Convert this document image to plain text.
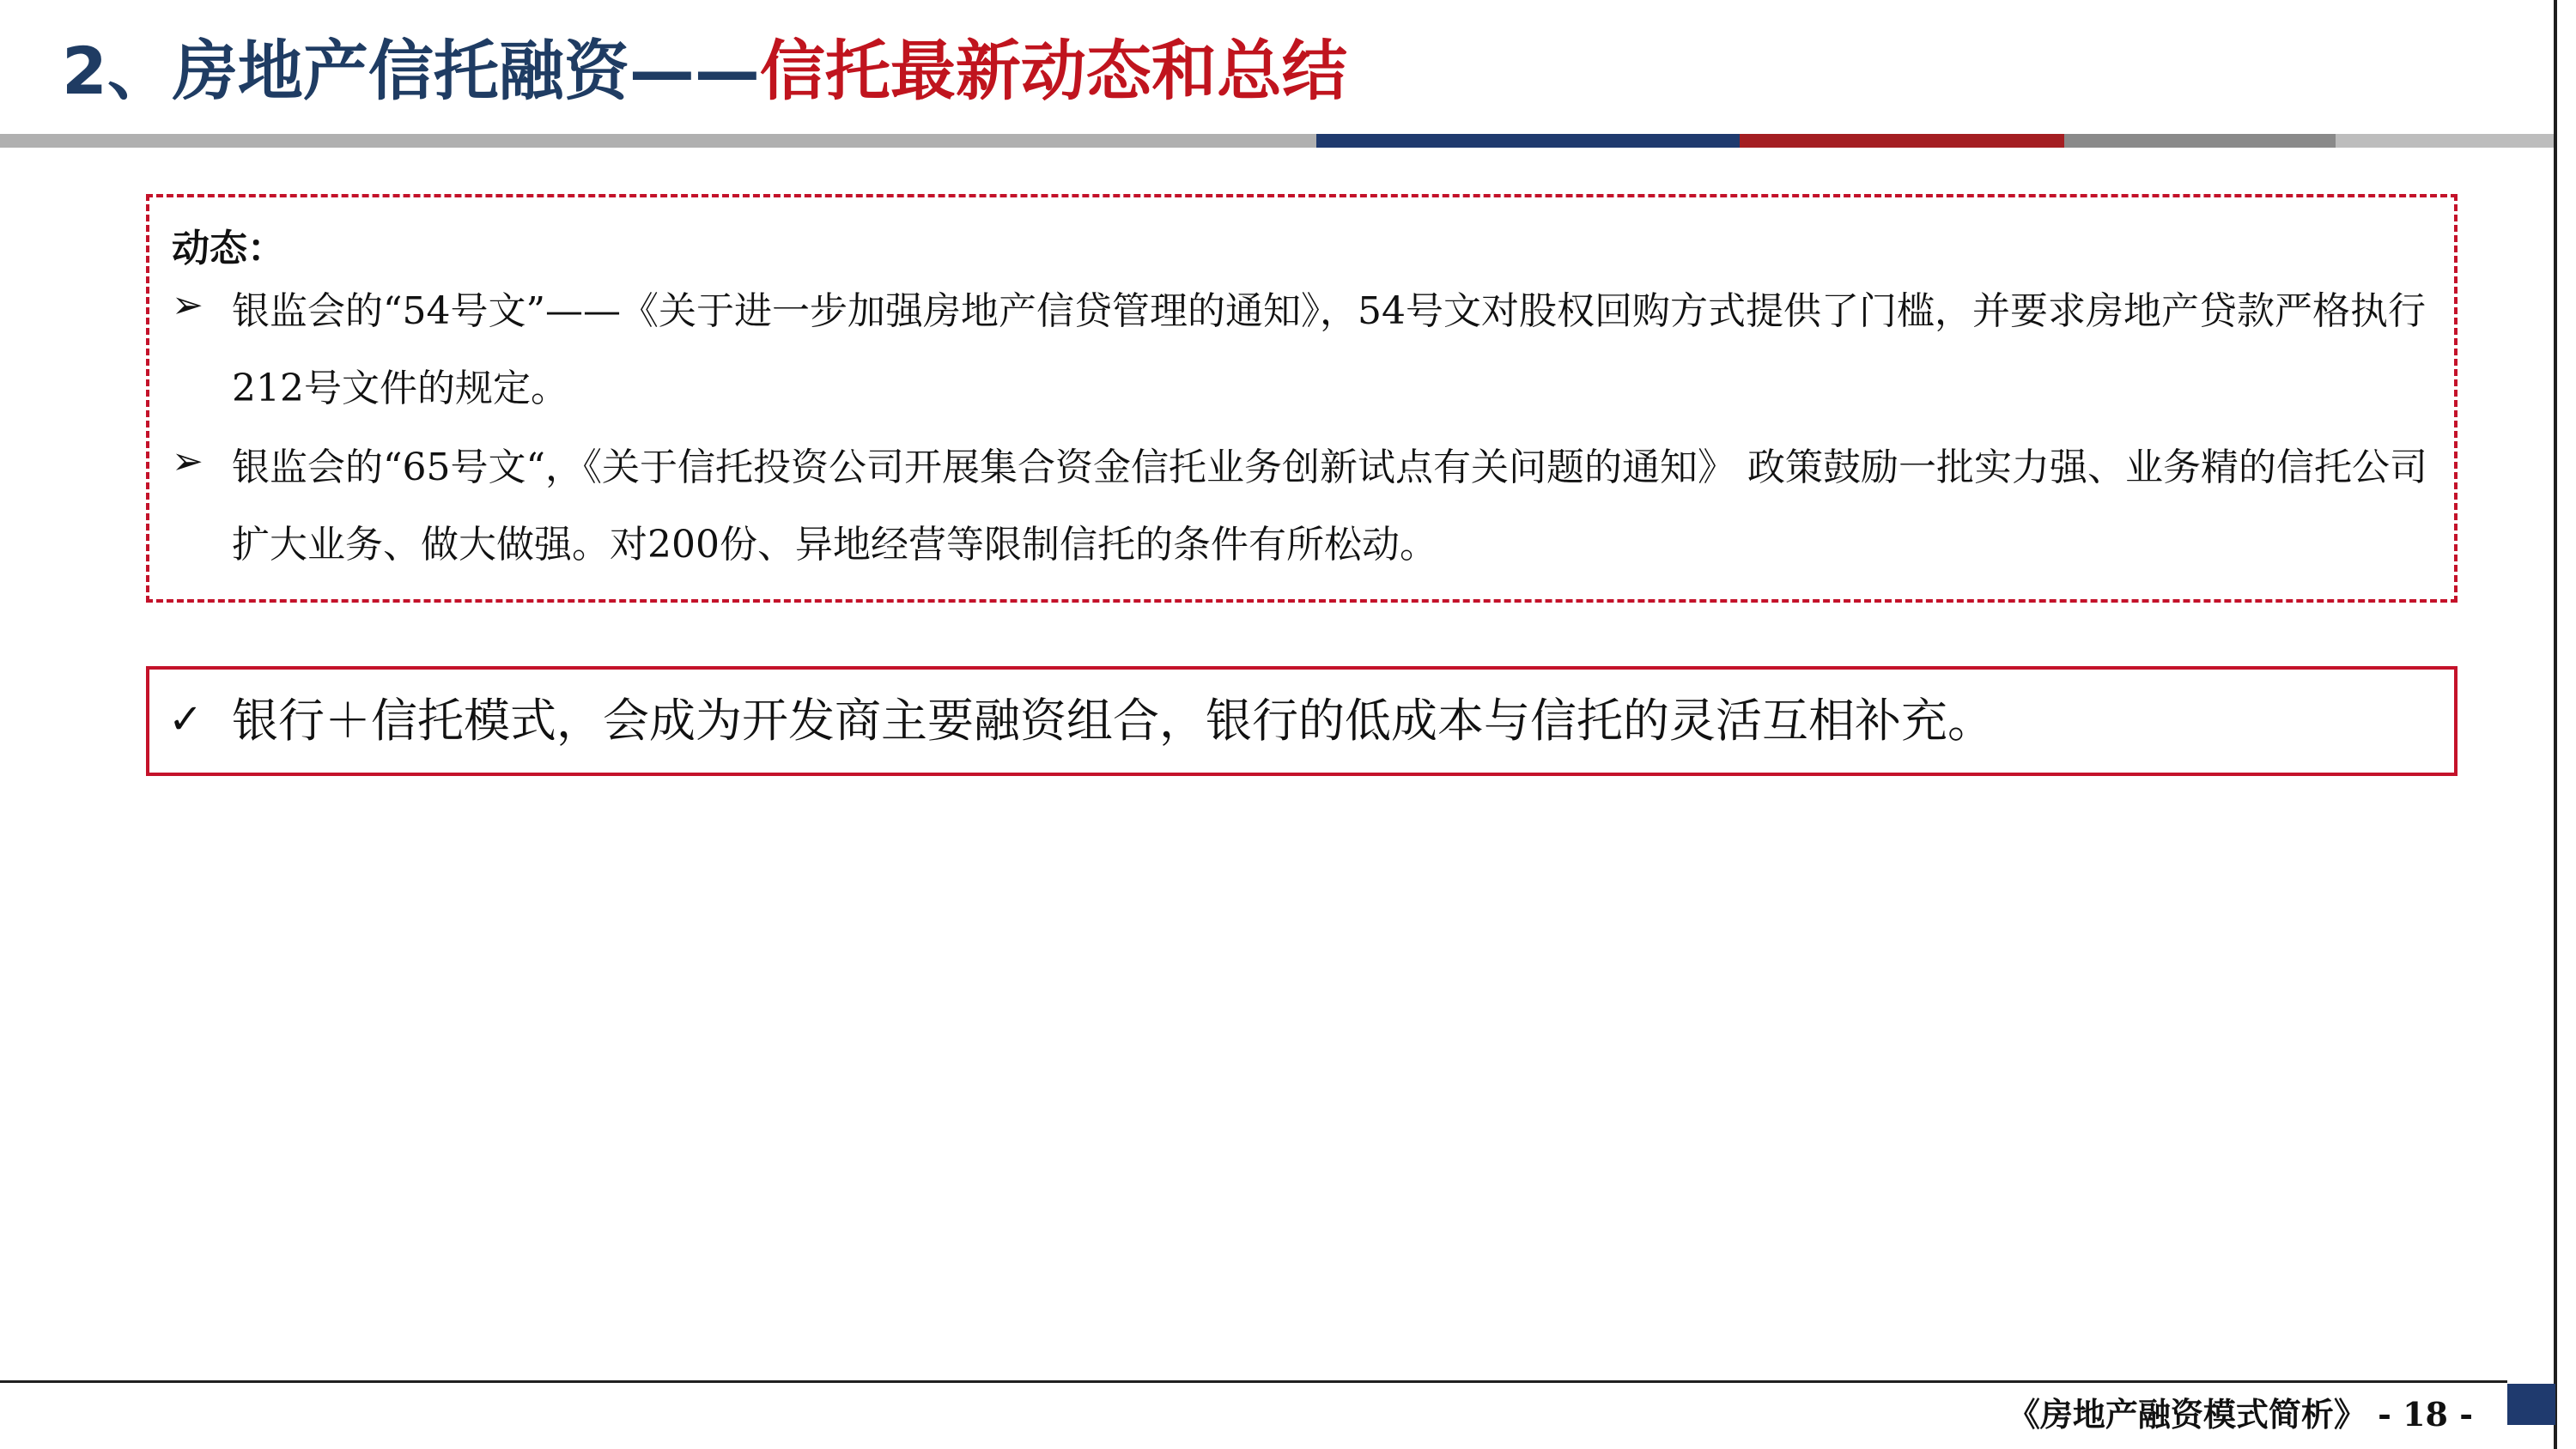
2、房地产信托融资——信托最新动态和总结
动态：
➢ 银监会的“54号文”——《关于进一步加强房地产信贷管理的通知》，54号文对股权回购方式提供了门槛，并要求房地产贷款严格执行212号文件的规定。
➢ 银监会的“65号文“，《关于信托投资公司开展集合资金信托业务创新试点有关问题的通知》 政策鼓励一批实力强、业务精的信托公司扩大业务、做大做强。对200份、异地经营等限制信托的条件有所松动。
✓ 银行＋信托模式，会成为开发商主要融资组合，银行的低成本与信托的灵活互相补充。
《房地产融资模式简析》 - 18 -
